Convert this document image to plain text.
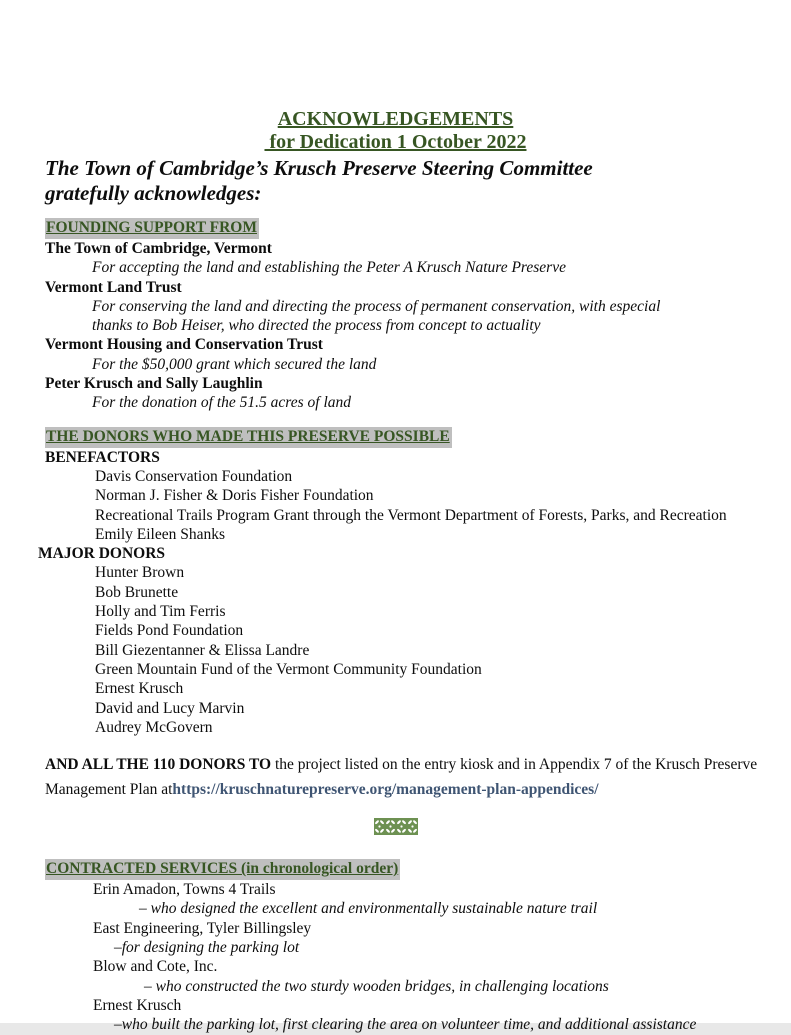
ACKNOWLEDGEMENTS
for Dedication 1 October 2022
The Town of Cambridge’s Krusch Preserve Steering Committee
gratefully acknowledges:
FOUNDING SUPPORT FROM
The Town of Cambridge, Vermont
For accepting the land and establishing the Peter A Krusch Nature Preserve
Vermont Land Trust
For conserving the land and directing the process of permanent conservation, with especial
thanks to Bob Heiser, who directed the process from concept to actuality
Vermont Housing and Conservation Trust
For the $50,000 grant which secured the land
Peter Krusch and Sally Laughlin
For the donation of the 51.5 acres of land
THE DONORS WHO MADE THIS PRESERVE POSSIBLE
BENEFACTORS
Davis Conservation Foundation
Norman J. Fisher & Doris Fisher Foundation
Recreational Trails Program Grant through the Vermont Department of Forests, Parks, and Recreation
Emily Eileen Shanks
MAJOR DONORS
Hunter Brown
Bob Brunette
Holly and Tim Ferris
Fields Pond Foundation
Bill Giezentanner & Elissa Landre
Green Mountain Fund of the Vermont Community Foundation
Ernest Krusch
David and Lucy Marvin
Audrey McGovern
AND ALL THE 110 DONORS TO the project listed on the entry kiosk and in Appendix 7 of the Krusch Preserve
Management Plan athttps://kruschnaturepreserve.org/management-plan-appendices/
CONTRACTED SERVICES (in chronological order)
Erin Amadon, Towns 4 Trails
– who designed the excellent and environmentally sustainable nature trail
East Engineering, Tyler Billingsley
–for designing the parking lot
Blow and Cote, Inc.
– who constructed the two sturdy wooden bridges, in challenging locations
Ernest Krusch
–who built the parking lot, first clearing the area on volunteer time, and additional assistance
